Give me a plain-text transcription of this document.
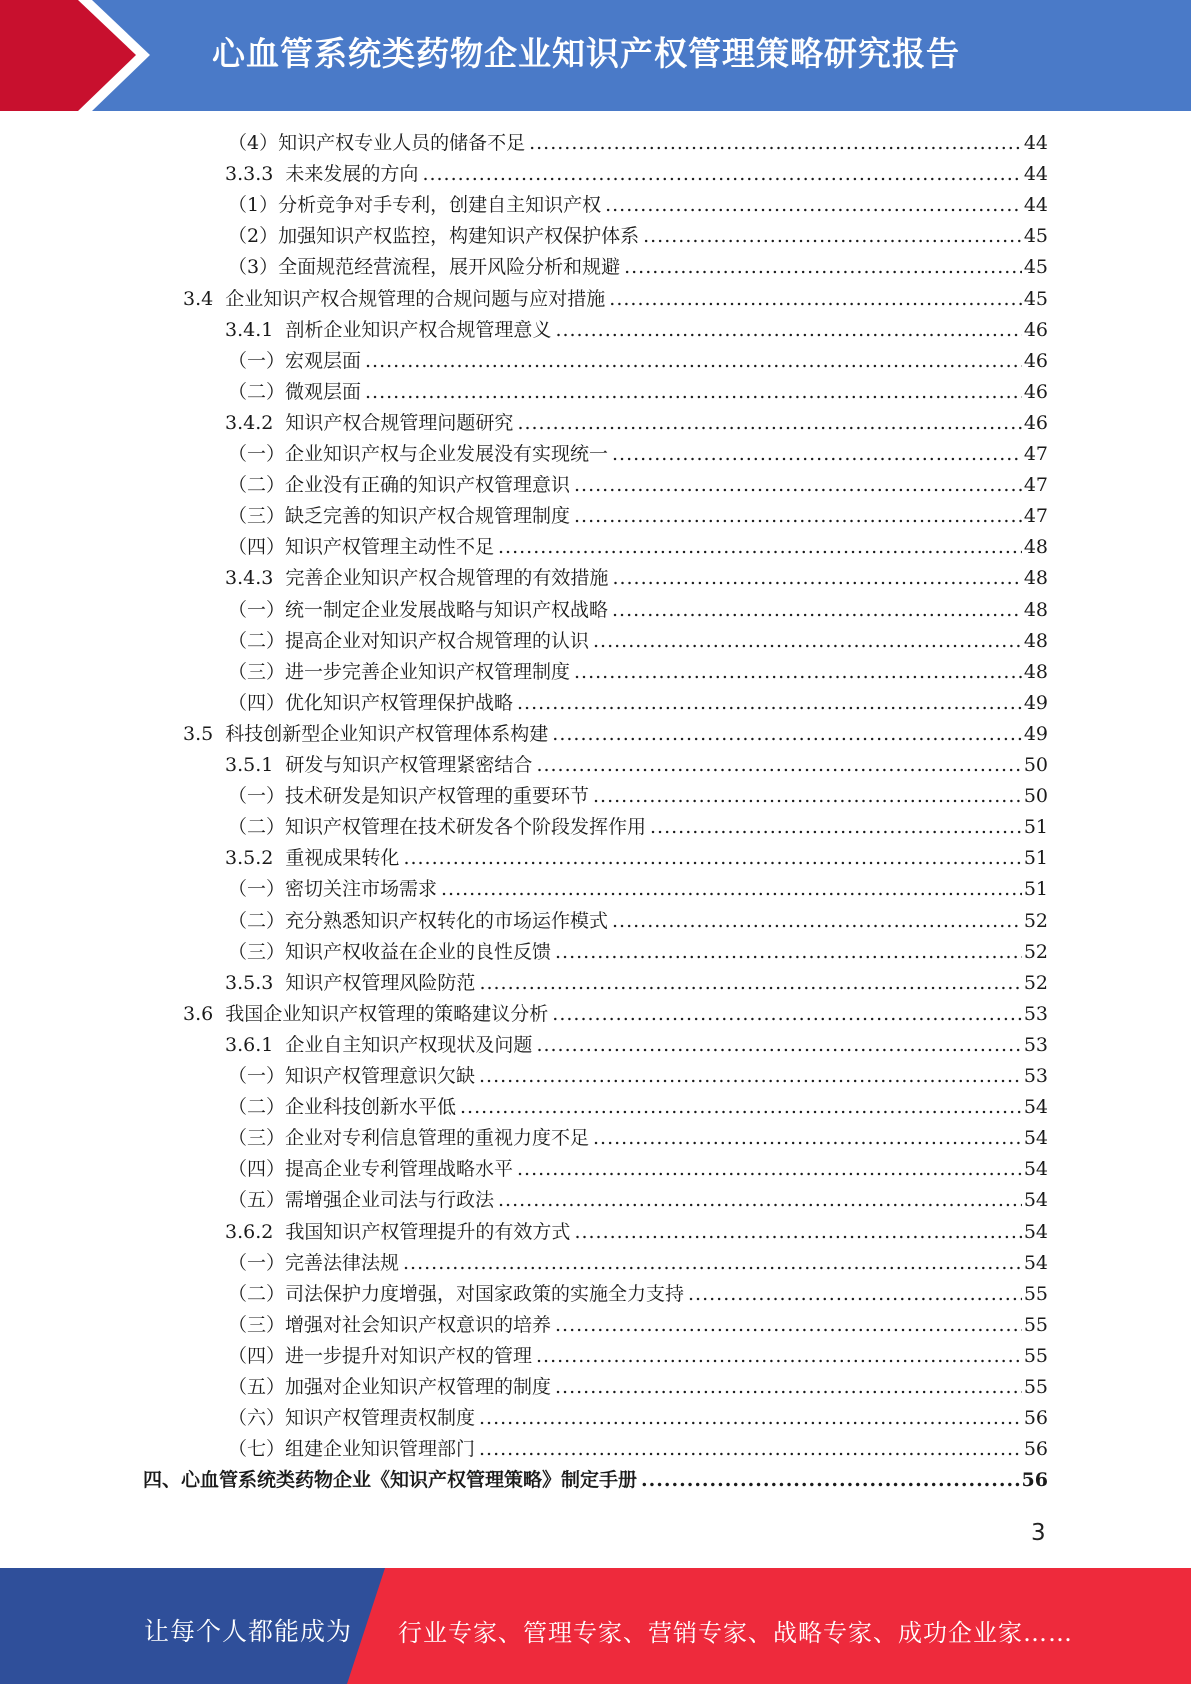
心血管系统类药物企业知识产权管理策略研究报告
（4）知识产权专业人员的储备不足 .....	44
3.3.3  未来发展的方向 .....	44
（1）分析竞争对手专利，创建自主知识产权 .....	44
（2）加强知识产权监控，构建知识产权保护体系 .....	45
（3）全面规范经营流程，展开风险分析和规避 .....	45
3.4  企业知识产权合规管理的合规问题与应对措施 .....	45
3.4.1  剖析企业知识产权合规管理意义 .....	46
（一）宏观层面 .....	46
（二）微观层面 .....	46
3.4.2  知识产权合规管理问题研究 .....	46
（一）企业知识产权与企业发展没有实现统一 .....	47
（二）企业没有正确的知识产权管理意识 .....	47
（三）缺乏完善的知识产权合规管理制度 .....	47
（四）知识产权管理主动性不足 .....	48
3.4.3  完善企业知识产权合规管理的有效措施 .....	48
（一）统一制定企业发展战略与知识产权战略 .....	48
（二）提高企业对知识产权合规管理的认识 .....	48
（三）进一步完善企业知识产权管理制度 .....	48
（四）优化知识产权管理保护战略 .....	49
3.5  科技创新型企业知识产权管理体系构建 .....	49
3.5.1  研发与知识产权管理紧密结合 .....	50
（一）技术研发是知识产权管理的重要环节 .....	50
（二）知识产权管理在技术研发各个阶段发挥作用 .....	51
3.5.2  重视成果转化 .....	51
（一）密切关注市场需求 .....	51
（二）充分熟悉知识产权转化的市场运作模式 .....	52
（三）知识产权收益在企业的良性反馈 .....	52
3.5.3  知识产权管理风险防范 .....	52
3.6  我国企业知识产权管理的策略建议分析 .....	53
3.6.1  企业自主知识产权现状及问题 .....	53
（一）知识产权管理意识欠缺 .....	53
（二）企业科技创新水平低 .....	54
（三）企业对专利信息管理的重视力度不足 .....	54
（四）提高企业专利管理战略水平 .....	54
（五）需增强企业司法与行政法 .....	54
3.6.2  我国知识产权管理提升的有效方式 .....	54
（一）完善法律法规 .....	54
（二）司法保护力度增强，对国家政策的实施全力支持 .....	55
（三）增强对社会知识产权意识的培养 .....	55
（四）进一步提升对知识产权的管理 .....	55
（五）加强对企业知识产权管理的制度 .....	55
（六）知识产权管理责权制度 .....	56
（七）组建企业知识管理部门 .....	56
四、心血管系统类药物企业《知识产权管理策略》制定手册 .....	56
3
让每个人都能成为 行业专家、管理专家、营销专家、战略专家、成功企业家……
